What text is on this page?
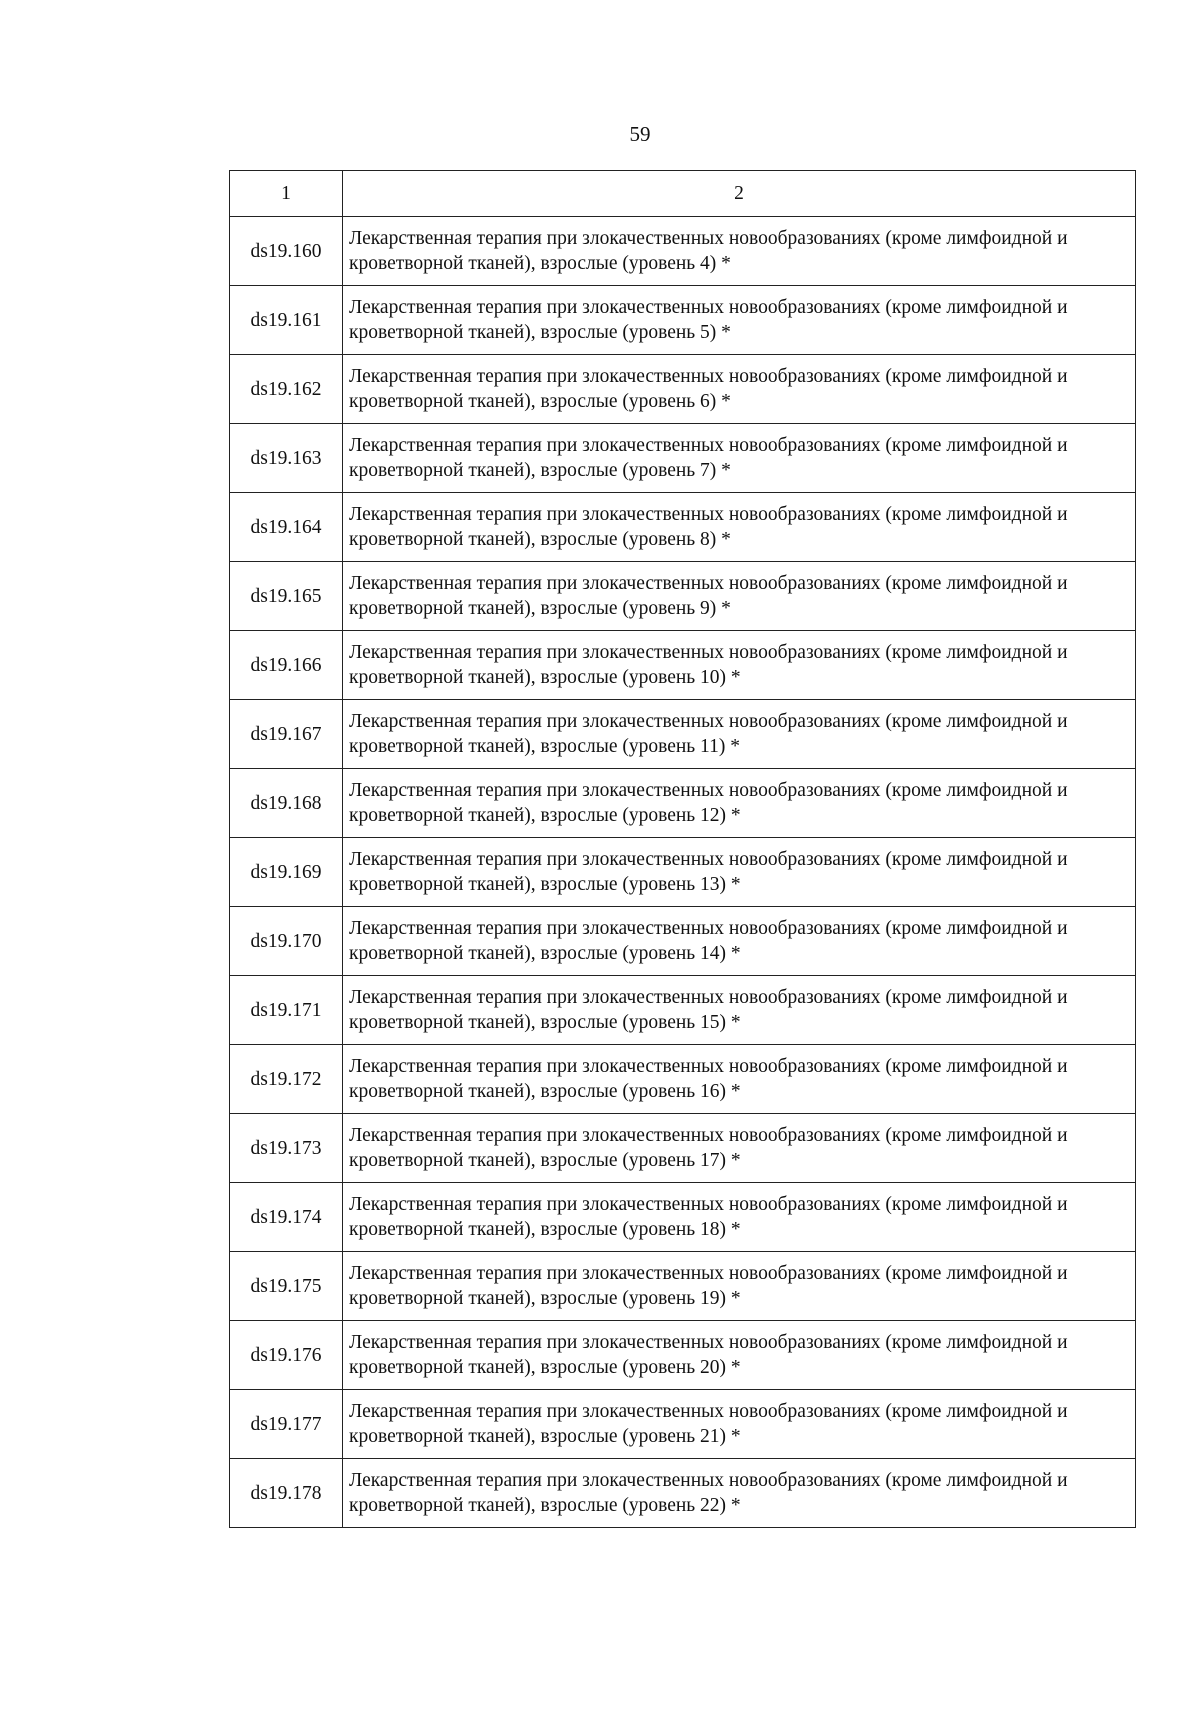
59
1	2
ds19.160	Лекарственная терапия при злокачественных новообразованиях (кроме лимфоидной и
кроветворной тканей), взрослые (уровень 4) *

ds19.161	Лекарственная терапия при злокачественных новообразованиях (кроме лимфоидной и
кроветворной тканей), взрослые (уровень 5) *

ds19.162	Лекарственная терапия при злокачественных новообразованиях (кроме лимфоидной и
кроветворной тканей), взрослые (уровень 6) *

ds19.163	Лекарственная терапия при злокачественных новообразованиях (кроме лимфоидной и
кроветворной тканей), взрослые (уровень 7) *

ds19.164	Лекарственная терапия при злокачественных новообразованиях (кроме лимфоидной и
кроветворной тканей), взрослые (уровень 8) *

ds19.165	Лекарственная терапия при злокачественных новообразованиях (кроме лимфоидной и
кроветворной тканей), взрослые (уровень 9) *

ds19.166	Лекарственная терапия при злокачественных новообразованиях (кроме лимфоидной и
кроветворной тканей), взрослые (уровень 10) *

ds19.167	Лекарственная терапия при злокачественных новообразованиях (кроме лимфоидной и
кроветворной тканей), взрослые (уровень 11) *

ds19.168	Лекарственная терапия при злокачественных новообразованиях (кроме лимфоидной и
кроветворной тканей), взрослые (уровень 12) *

ds19.169	Лекарственная терапия при злокачественных новообразованиях (кроме лимфоидной и
кроветворной тканей), взрослые (уровень 13) *

ds19.170	Лекарственная терапия при злокачественных новообразованиях (кроме лимфоидной и
кроветворной тканей), взрослые (уровень 14) *

ds19.171	Лекарственная терапия при злокачественных новообразованиях (кроме лимфоидной и
кроветворной тканей), взрослые (уровень 15) *

ds19.172	Лекарственная терапия при злокачественных новообразованиях (кроме лимфоидной и
кроветворной тканей), взрослые (уровень 16) *

ds19.173	Лекарственная терапия при злокачественных новообразованиях (кроме лимфоидной и
кроветворной тканей), взрослые (уровень 17) *

ds19.174	Лекарственная терапия при злокачественных новообразованиях (кроме лимфоидной и
кроветворной тканей), взрослые (уровень 18) *

ds19.175	Лекарственная терапия при злокачественных новообразованиях (кроме лимфоидной и
кроветворной тканей), взрослые (уровень 19) *

ds19.176	Лекарственная терапия при злокачественных новообразованиях (кроме лимфоидной и
кроветворной тканей), взрослые (уровень 20) *

ds19.177	Лекарственная терапия при злокачественных новообразованиях (кроме лимфоидной и
кроветворной тканей), взрослые (уровень 21) *

ds19.178	Лекарственная терапия при злокачественных новообразованиях (кроме лимфоидной и
кроветворной тканей), взрослые (уровень 22) *
